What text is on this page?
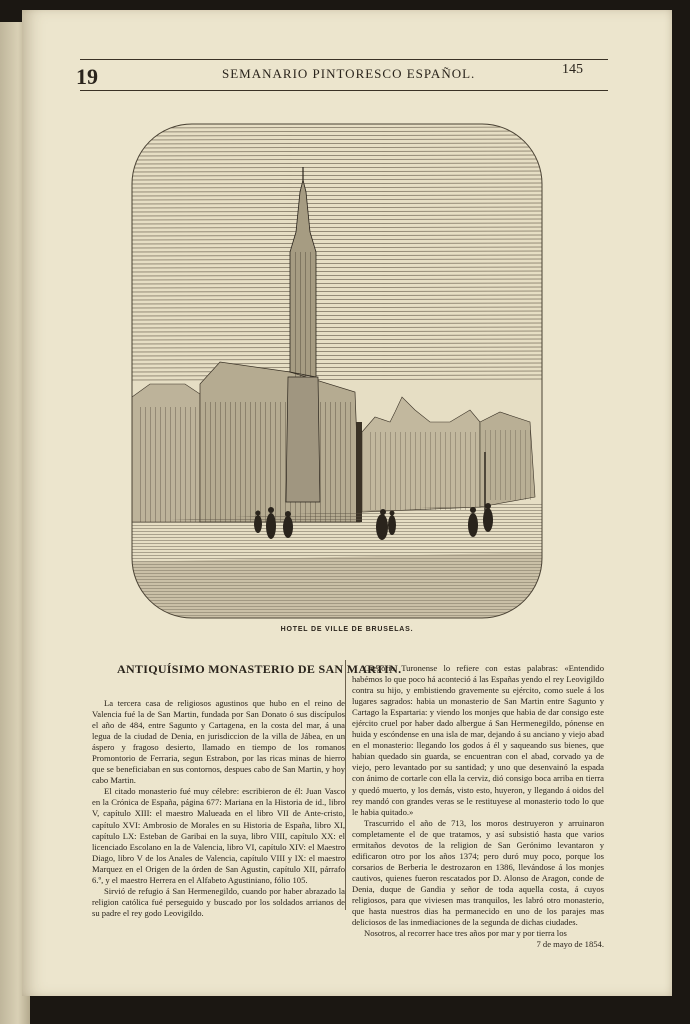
19	SEMANARIO PINTORESCO ESPAÑOL.	145
HOTEL DE VILLE DE BRUSELAS.
ANTIQUÍSIMO MONASTERIO DE SAN MARTIN.

La tercera casa de religiosos agustinos que hubo en el reino de Valencia fué la de San Martin, fundada por San Donato ó sus discípulos el año de 484, entre Sagunto y Cartagena, en la costa del mar, á una legua de la ciudad de Denia, en jurisdiccion de la villa de Jábea, en un áspero y fragoso desierto, llamado en tiempo de los romanos Promontorio de Ferraria, segun Estrabon, por las ricas minas de hierro que se beneficiaban en sus contornos, despues cabo de San Martin, y hoy cabo Martin.

El citado monasterio fué muy célebre: escribieron de él: Juan Vasco en la Crónica de España, página 677: Mariana en la Historia de id., libro V, capítulo XIII: el maestro Malueada en el libro VII de Ante-cristo, capítulo XVI: Ambrosio de Morales en su Historia de España, libro XI, capítulo LX: Esteban de Garibai en la suya, libro VIII, capítulo XX: el licenciado Escolano en la de Valencia, libro VI, capítulo XIV: el Maestro Diago, libro V de los Anales de Valencia, capítulo VIII y IX: el maestro Marquez en el Origen de la órden de San Agustin, capítulo XII, párrafo 6.º, y el maestro Herrera en el Alfabeto Agustiniano, fólio 105.

Sirvió de refugio á San Hermenegildo, cuando por haber abrazado la religion católica fué perseguido y buscado por los soldados arrianos de su padre el rey godo Leovigildo.

Gregorio Turonense lo refiere con estas palabras: «Entendido habémos lo que poco há aconteció á las Españas yendo el rey Leovigildo contra su hijo, y embistiendo gravemente su ejército, como suele á los lugares sagrados: habia un monasterio de San Martin entre Sagunto y Cartago la Espartaria: y viendo los monjes que habia de dar consigo este ejército cruel por haber dado albergue á San Hermenegildo, pónense en huida y escóndense en una isla de mar, dejando á su anciano y viejo abad en el monasterio: llegando los godos á él y saqueando sus bienes, que habian quedado sin guarda, se encuentran con el abad, corvado ya de viejo, pero levantado por su santidad; y uno que desenvainó la espada con ánimo de cortarle con ella la cerviz, dió consigo boca arriba en tierra y quedó muerto, y los demás, visto esto, huyeron, y llegando á oidos del rey mandó con grandes veras se le restituyese al monasterio todo lo que le habia quitado.»

Trascurrido el año de 713, los moros destruyeron y arruinaron completamente el de que tratamos, y así subsistió hasta que varios ermitaños devotos de la religion de San Gerónimo levantaron y edificaron otro por los años 1374; pero duró muy poco, porque los corsarios de Berberia le destrozaron en 1386, llevándose á los monjes cautivos, quienes fueron rescatados por D. Alonso de Aragon, conde de Denia, duque de Gandia y señor de toda aquella costa, á cuyos religiosos, para que viviesen mas tranquilos, les labró otro monasterio, que hasta nuestros dias ha permanecido en uno de los parajes mas deliciosos de las inmediaciones de la segunda de dichas ciudades.

Nosotros, al recorrer hace tres años por mar y por tierra los

7 de mayo de 1854.
